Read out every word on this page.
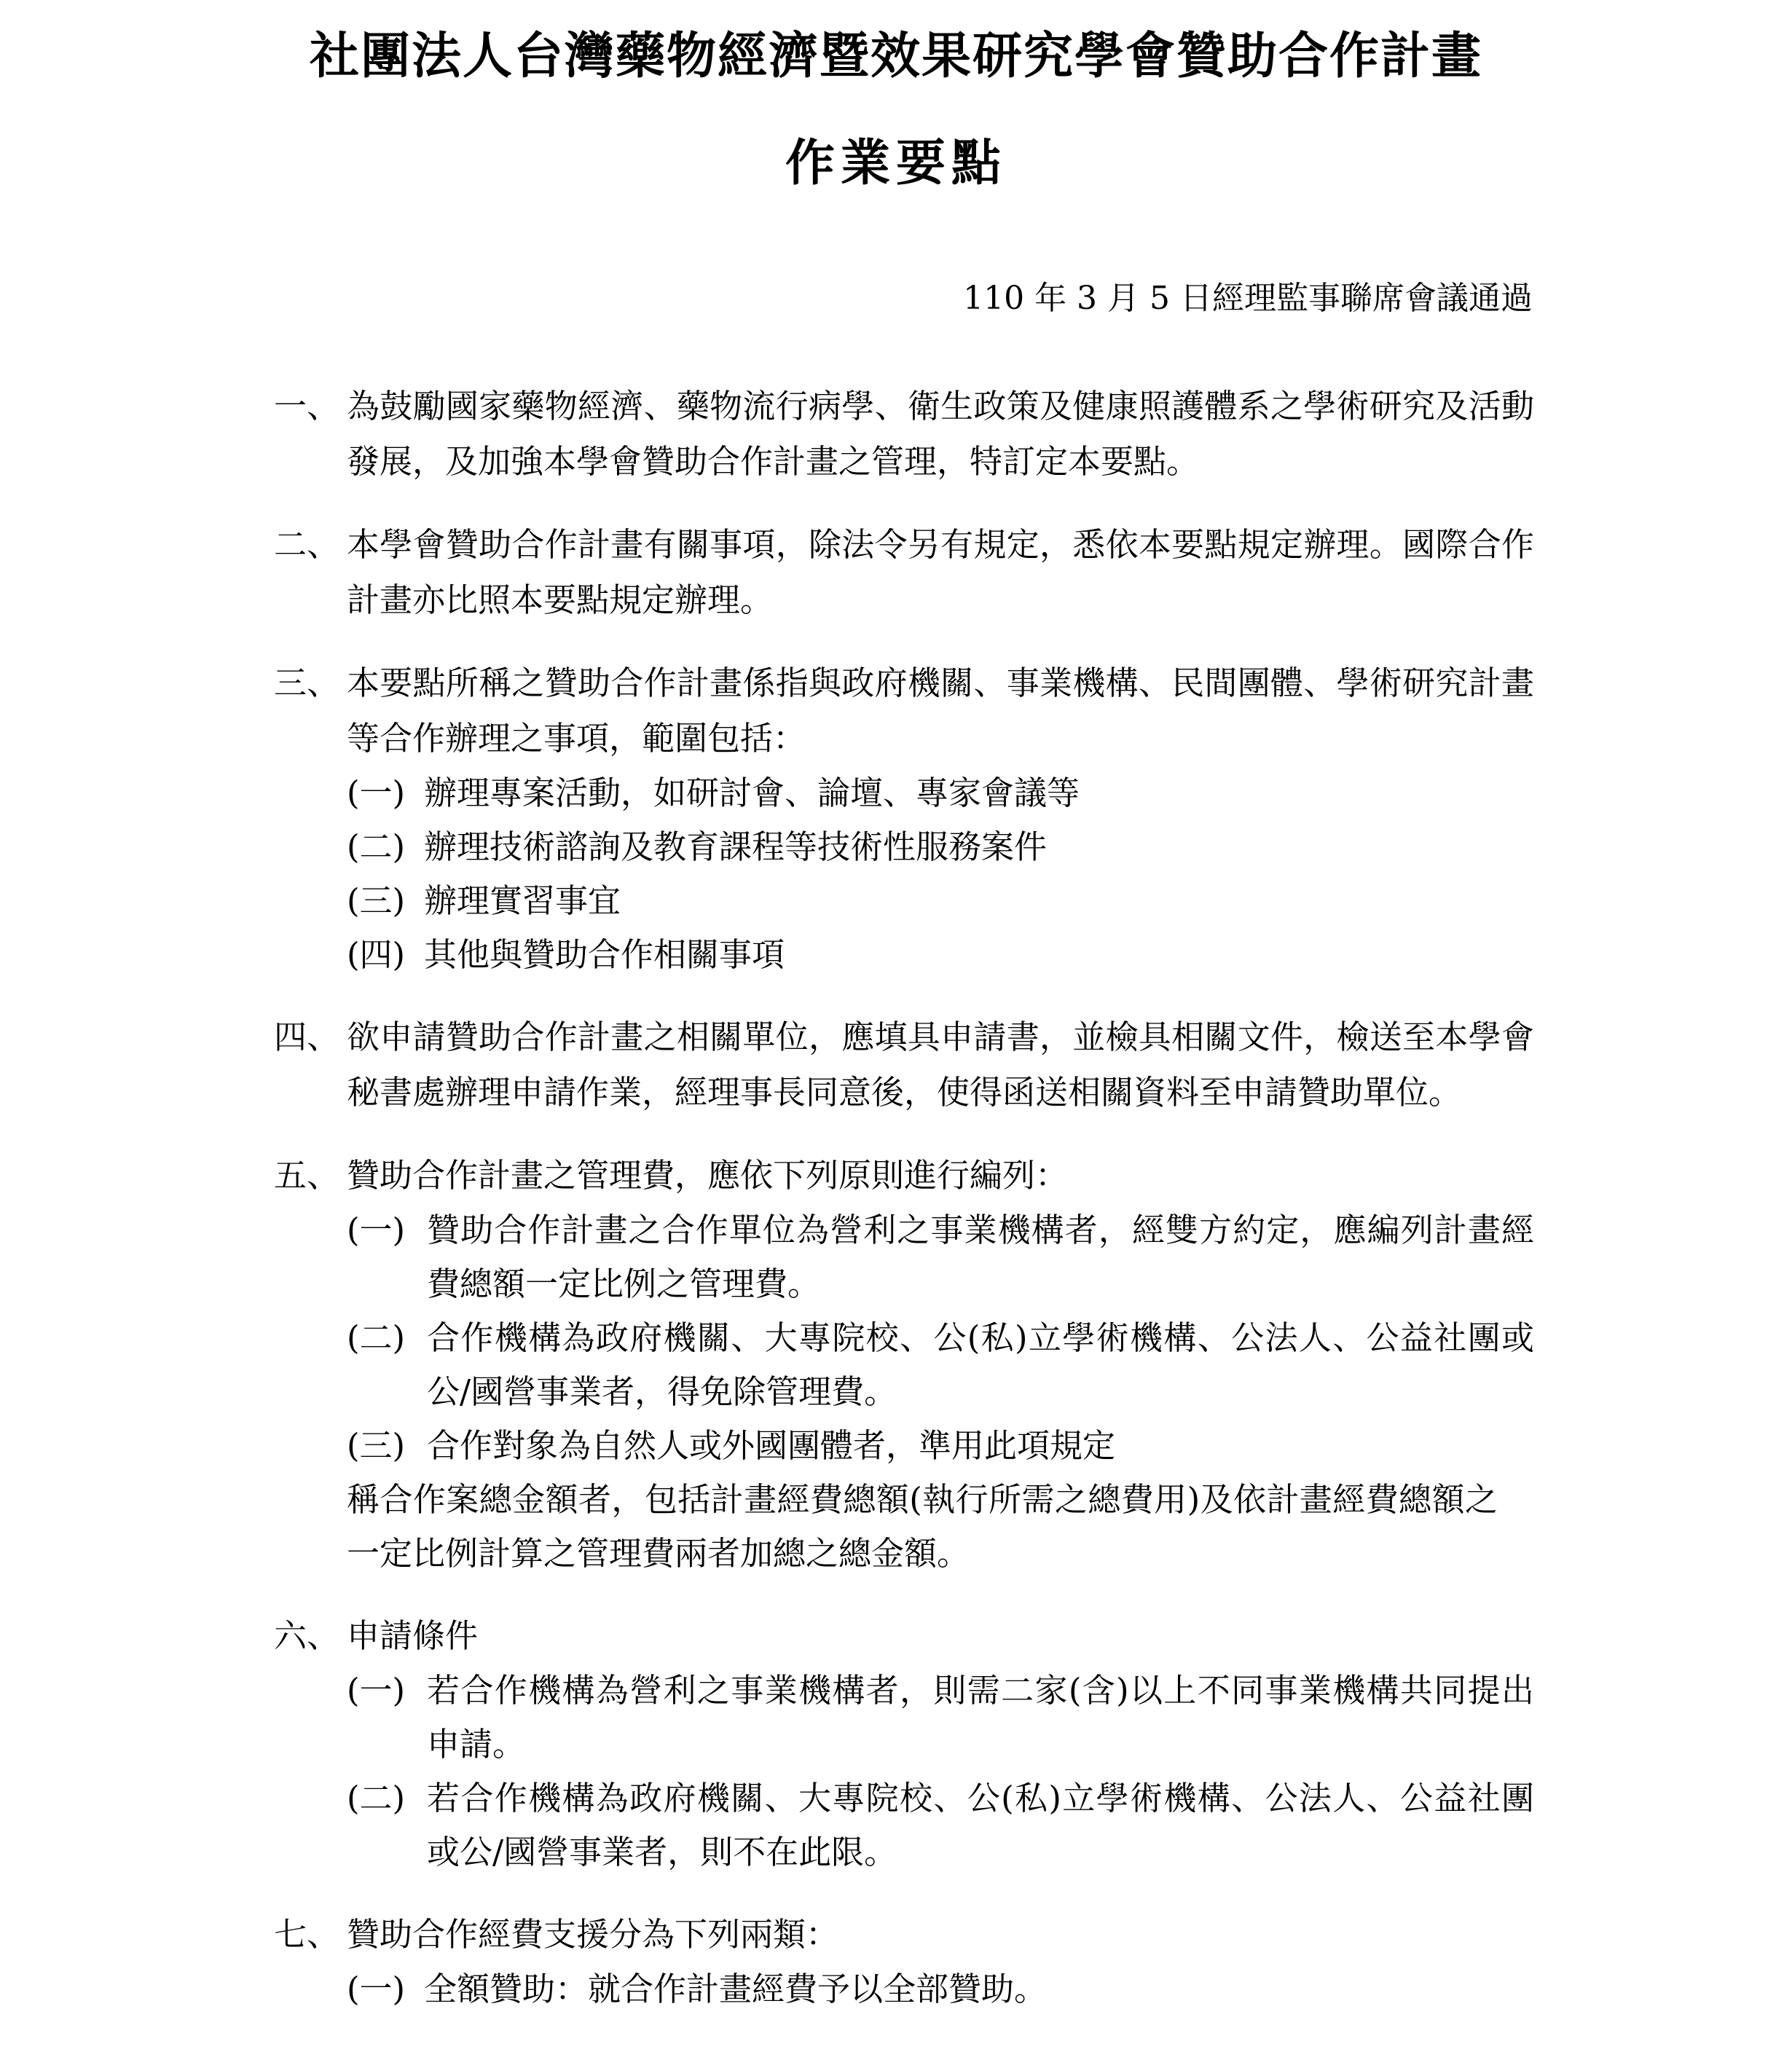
社團法人台灣藥物經濟暨效果研究學會贊助合作計畫
作業要點
110 年 3 月 5 日經理監事聯席會議通過
一、 為鼓勵國家藥物經濟、藥物流行病學、衛生政策及健康照護體系之學術研究及活動發展，及加強本學會贊助合作計畫之管理，特訂定本要點。
二、 本學會贊助合作計畫有關事項，除法令另有規定，悉依本要點規定辦理。國際合作計畫亦比照本要點規定辦理。
三、 本要點所稱之贊助合作計畫係指與政府機關、事業機構、民間團體、學術研究計畫等合作辦理之事項，範圍包括：
(一) 辦理專案活動，如研討會、論壇、專家會議等
(二) 辦理技術諮詢及教育課程等技術性服務案件
(三) 辦理實習事宜
(四) 其他與贊助合作相關事項
四、 欲申請贊助合作計畫之相關單位，應填具申請書，並檢具相關文件，檢送至本學會秘書處辦理申請作業，經理事長同意後，使得函送相關資料至申請贊助單位。
五、 贊助合作計畫之管理費，應依下列原則進行編列：
(一) 贊助合作計畫之合作單位為營利之事業機構者，經雙方約定，應編列計畫經費總額一定比例之管理費。
(二) 合作機構為政府機關、大專院校、公(私)立學術機構、公法人、公益社團或公/國營事業者，得免除管理費。
(三) 合作對象為自然人或外國團體者，準用此項規定
稱合作案總金額者，包括計畫經費總額(執行所需之總費用)及依計畫經費總額之一定比例計算之管理費兩者加總之總金額。
六、 申請條件
(一) 若合作機構為營利之事業機構者，則需二家(含)以上不同事業機構共同提出申請。
(二) 若合作機構為政府機關、大專院校、公(私)立學術機構、公法人、公益社團或公/國營事業者，則不在此限。
七、 贊助合作經費支援分為下列兩類：
(一) 全額贊助：就合作計畫經費予以全部贊助。
